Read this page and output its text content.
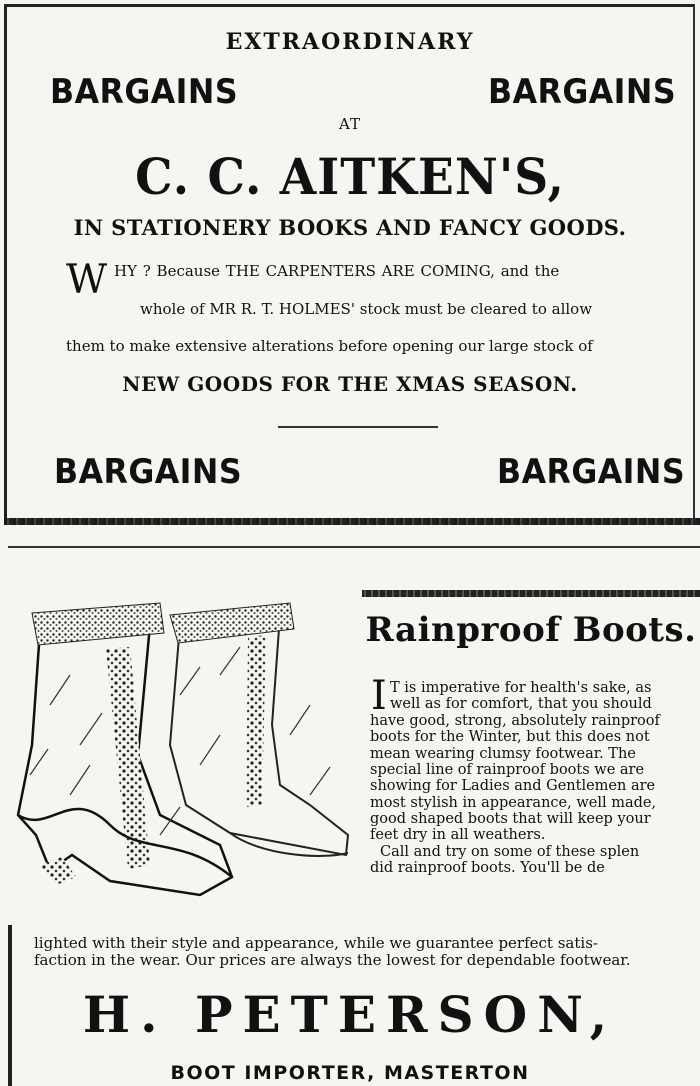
EXTRAORDINARY
BARGAINS	BARGAINS
AT
C. C. AITKEN'S,
IN STATIONERY BOOKS AND FANCY GOODS.
W HY ? Because THE CARPENTERS ARE COMING, and the
whole of MR R. T. HOLMES' stock must be cleared to allow
them to make extensive alterations before opening our large stock of
NEW GOODS FOR THE XMAS SEASON.
BARGAINS	BARGAINS
Rainproof Boots.
I T is imperative for health's sake, as
well as for comfort, that you should
have good, strong, absolutely rainproof
boots for the Winter, but this does not
mean wearing clumsy footwear. The
special line of rainproof boots we are
showing for Ladies and Gentlemen are
most stylish in appearance, well made,
good shaped boots that will keep your
feet dry in all weathers.
Call and try on some of these splen
did rainproof boots. You'll be de
lighted with their style and appearance, while we guarantee perfect satis-
faction in the wear. Our prices are always the lowest for dependable footwear.
H. PETERSON,
BOOT IMPORTER, MASTERTON
